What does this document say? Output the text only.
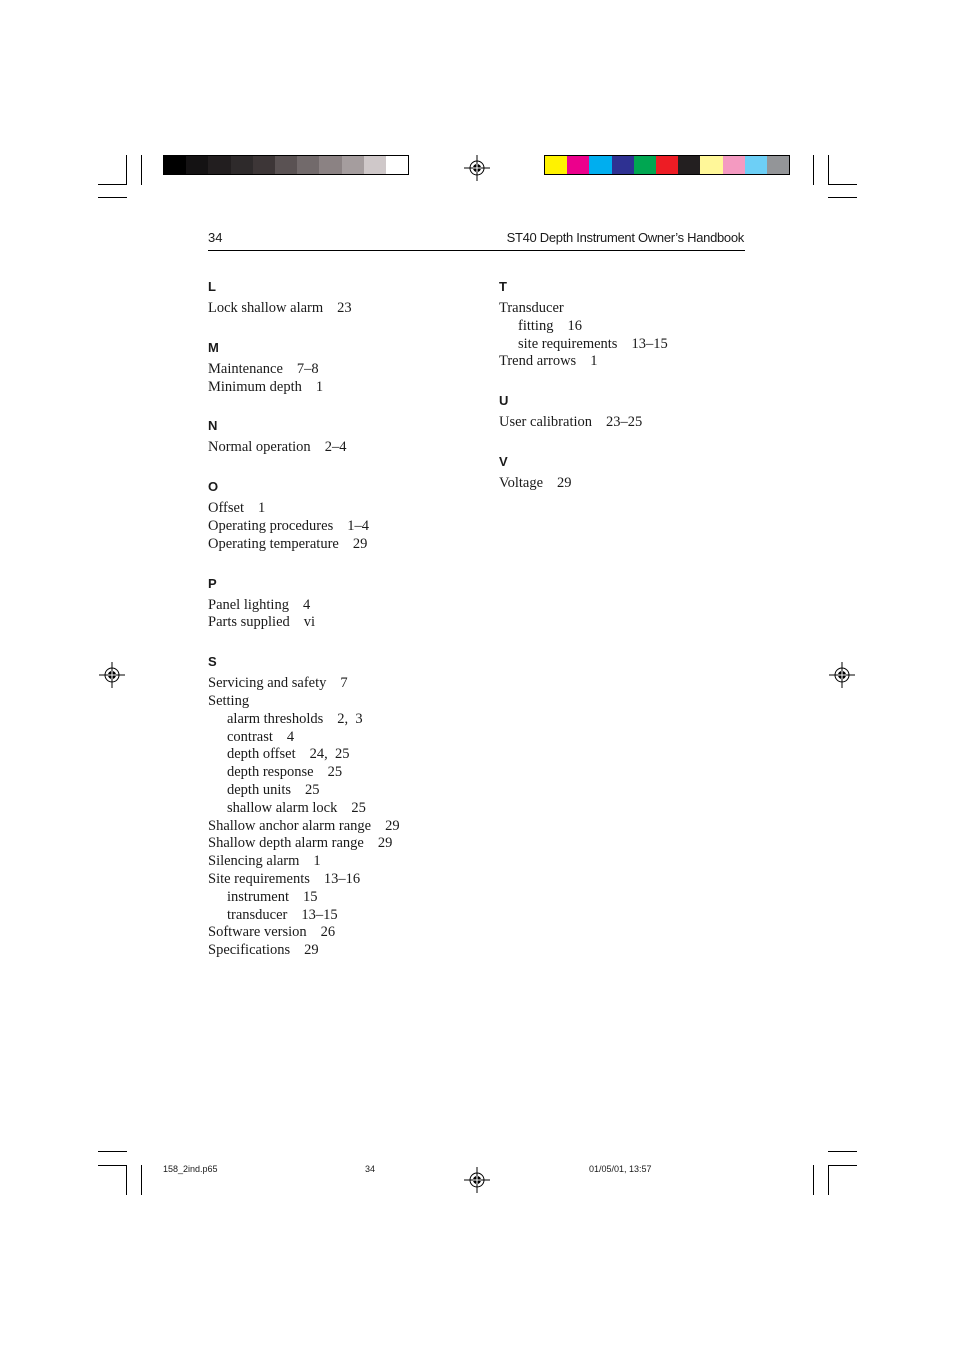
34	ST40 Depth Instrument Owner’s Handbook
L
Lock shallow alarm 23
M
Maintenance 7–8
Minimum depth 1
N
Normal operation 2–4
O
Offset 1
Operating procedures 1–4
Operating temperature 29
P
Panel lighting 4
Parts supplied vi
S
Servicing and safety 7
Setting
alarm thresholds 2,  3
contrast 4
depth offset 24,  25
depth response 25
depth units 25
shallow alarm lock 25
Shallow anchor alarm range 29
Shallow depth alarm range 29
Silencing alarm 1
Site requirements 13–16
instrument 15
transducer 13–15
Software version 26
Specifications 29
T
Transducer
fitting 16
site requirements 13–15
Trend arrows 1
U
User calibration 23–25
V
Voltage 29
158_2ind.p65	34	01/05/01, 13:57
